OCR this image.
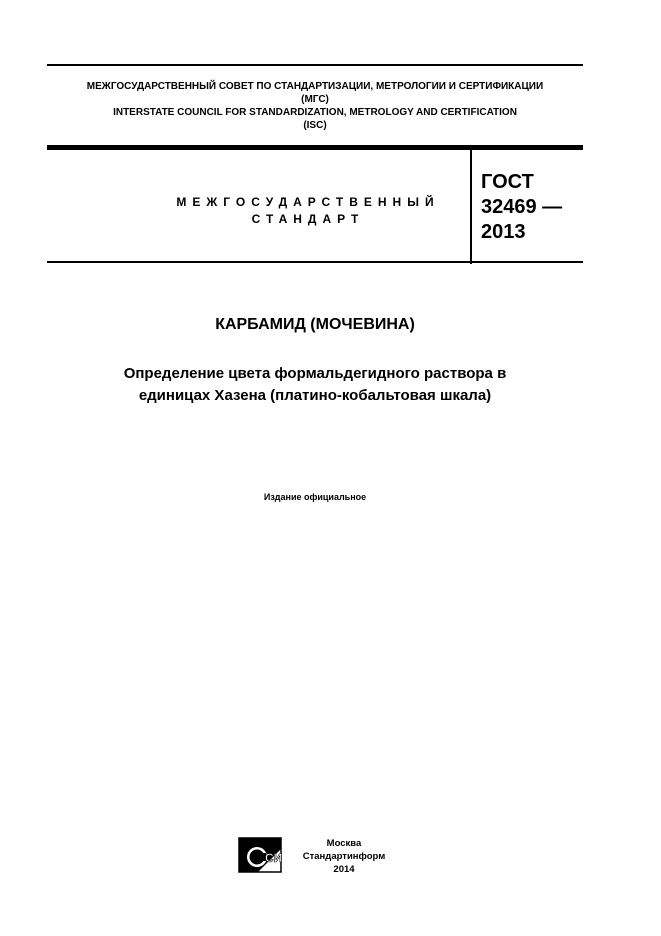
МЕЖГОСУДАРСТВЕННЫЙ СОВЕТ ПО СТАНДАРТИЗАЦИИ, МЕТРОЛОГИИ И СЕРТИФИКАЦИИ
(МГС)
INTERSTATE COUNCIL FOR STANDARDIZATION, METROLOGY AND CERTIFICATION
(ISC)
МЕЖГОСУДАРСТВЕННЫЙ
СТАНДАРТ
ГОСТ
32469 —
2013
КАРБАМИД (МОЧЕВИНА)
Определение цвета формальдегидного раствора в
единицах Хазена (платино-кобальтовая шкала)
Издание официальное
СИ
Москва
Стандартинформ
2014
